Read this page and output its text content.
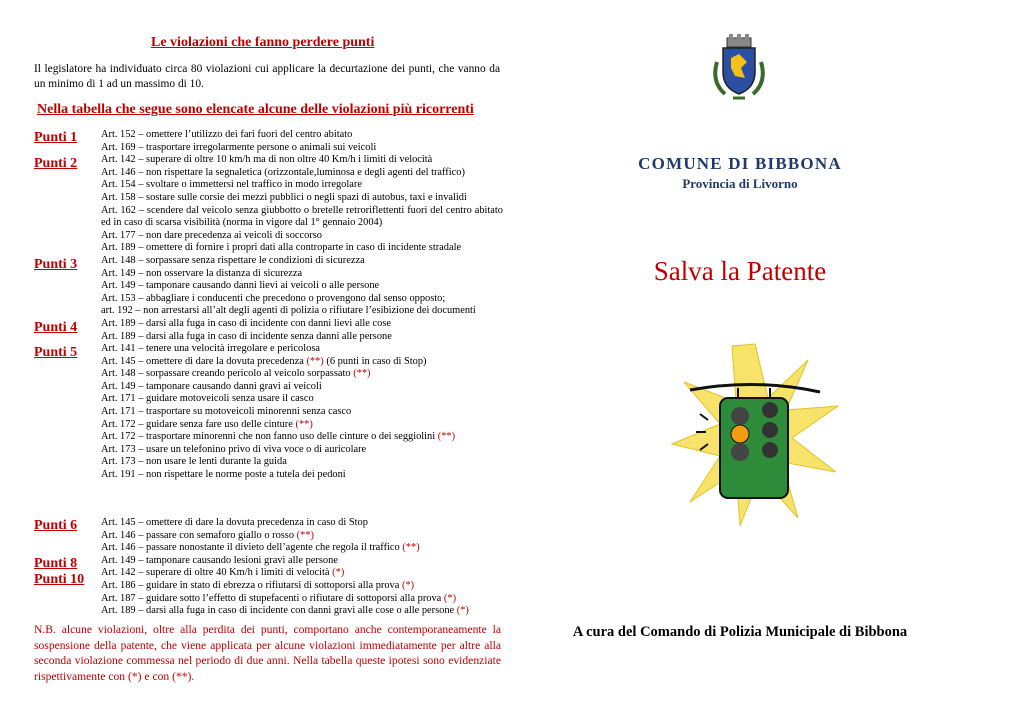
Le violazioni che fanno perdere punti
Il legislatore ha individuato circa 80 violazioni cui applicare la decurtazione dei punti, che vanno da un minimo di 1 ad un massimo di 10.
Nella tabella che segue sono elencate alcune delle violazioni più ricorrenti
Punti 1
Punti 2
Punti 3
Punti 4
Punti 5
Punti 6
Punti 8
Punti 10
Art. 152 – omettere l’utilizzo dei fari fuori del centro abitato
Art. 169 – trasportare irregolarmente persone o animali sui veicoli
Art. 142 – superare di oltre 10 km/h ma di non oltre 40 Km/h i limiti di velocità
Art. 146 – non rispettare la segnaletica (orizzontale,luminosa e degli agenti del traffico)
Art. 154 – svoltare o immettersi nel traffico in modo irregolare
Art. 158 – sostare sulle corsie dei mezzi pubblici o negli spazi di autobus, taxi e invalidi
Art. 162 – scendere dal veicolo senza giubbotto o bretelle retroriflettenti fuori del centro abitato ed in caso di scarsa visibilità (norma in vigore dal 1° gennaio 2004)
Art. 177 – non dare precedenza ai veicoli di soccorso
Art. 189 – omettere di fornire i propri dati alla controparte in caso di incidente stradale
Art. 148 – sorpassare senza rispettare le condizioni di sicurezza
Art. 149 – non osservare la distanza di sicurezza
Art. 149 – tamponare causando danni lievi ai veicoli o alle persone
Art. 153 – abbagliare i conducenti che precedono o provengono dal senso opposto;
art. 192 – non arrestarsi all’alt degli agenti di polizia o rifiutare l’esibizione dei documenti
Art. 189 – darsi alla fuga in caso di incidente con danni lievi alle cose
Art. 189 – darsi alla fuga in caso di incidente senza danni alle persone
Art. 141 – tenere una velocità irregolare e pericolosa
Art. 145 – omettere di dare la dovuta precedenza (**) (6 punti in caso di Stop)
Art. 148 – sorpassare creando pericolo al veicolo sorpassato (**)
Art. 149 – tamponare causando danni gravi ai veicoli
Art. 171 – guidare motoveicoli senza usare il casco
Art. 171 – trasportare su motoveicoli minorenni senza casco
Art. 172 – guidare senza fare uso delle cinture (**)
Art. 172 – trasportare minorenni che non fanno uso delle cinture o dei seggiolini (**)
Art. 173 – usare un telefonino privo di viva voce o di auricolare
Art. 173 – non usare le lenti durante la guida
Art. 191 – non rispettare le norme poste a tutela dei pedoni
Art. 145 – omettere di dare la dovuta precedenza in caso di Stop
Art. 146 – passare con semaforo giallo o rosso (**)
Art. 146 – passare nonostante il divieto dell’agente che regola il traffico (**)
Art. 149 – tamponare causando lesioni gravi alle persone
Art. 142 – superare di oltre 40 Km/h i limiti di velocità (*)
Art. 186 – guidare in stato di ebrezza o rifiutarsi di sottoporsi alla prova (*)
Art. 187 – guidare sotto l’effetto di stupefacenti o rifiutare di sottoporsi alla prova (*)
Art. 189 – darsi alla fuga in caso di incidente con danni gravi alle cose o alle persone (*)
N.B. alcune violazioni, oltre alla perdita dei punti, comportano anche contemporaneamente la sospensione della patente, che viene applicata per alcune violazioni immediatamente per altre alla seconda violazione commessa nel periodo di due anni. Nella tabella queste ipotesi sono evidenziate rispettivamente con (*) e con (**).
COMUNE DI BIBBONA
Provincia di Livorno
Salva la Patente
A cura del Comando di Polizia Municipale di Bibbona
